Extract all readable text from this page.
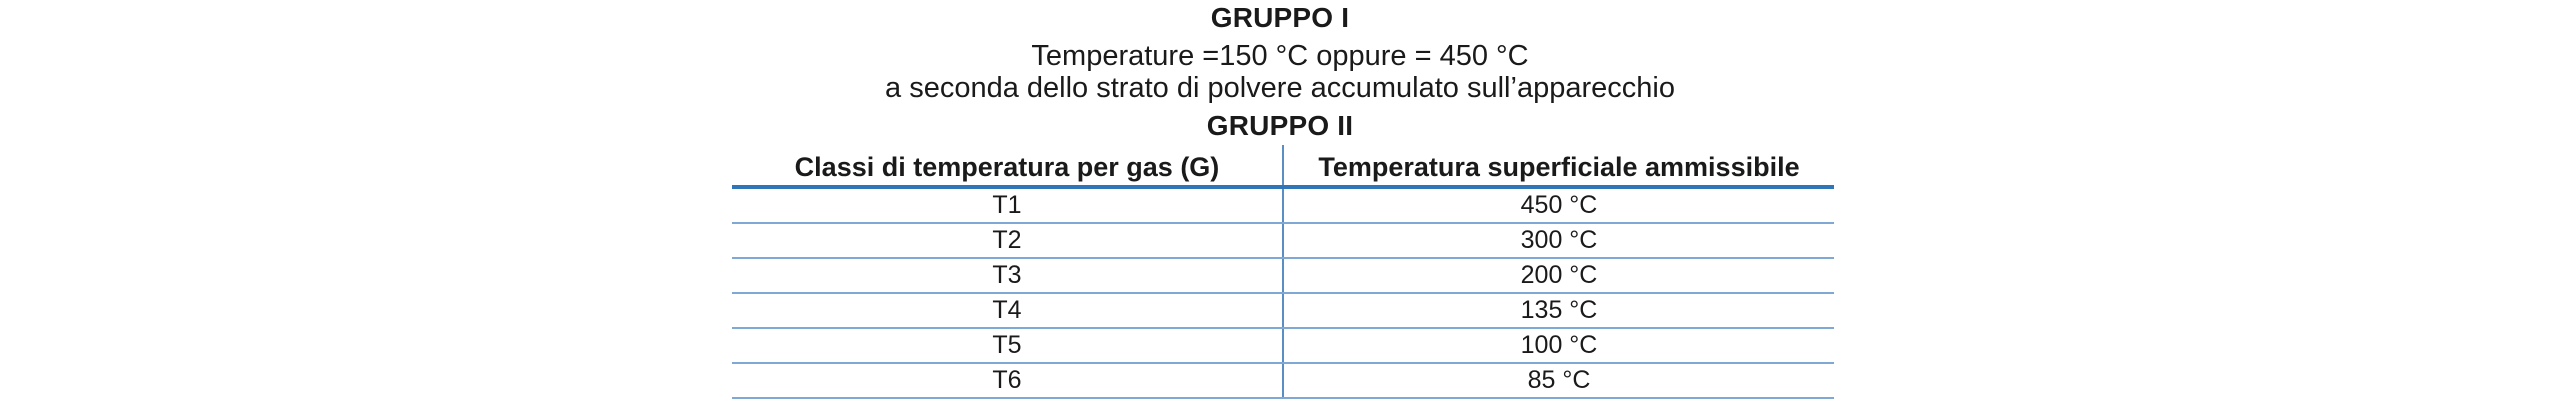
GRUPPO I
Temperature =150 °C oppure = 450 °C
a seconda dello strato di polvere accumulato sull’apparecchio
GRUPPO II
Classi di temperatura per gas (G)	Temperatura superficiale ammissibile
T1	450 °C
T2	300 °C
T3	200 °C
T4	135 °C
T5	100 °C
T6	85 °C
